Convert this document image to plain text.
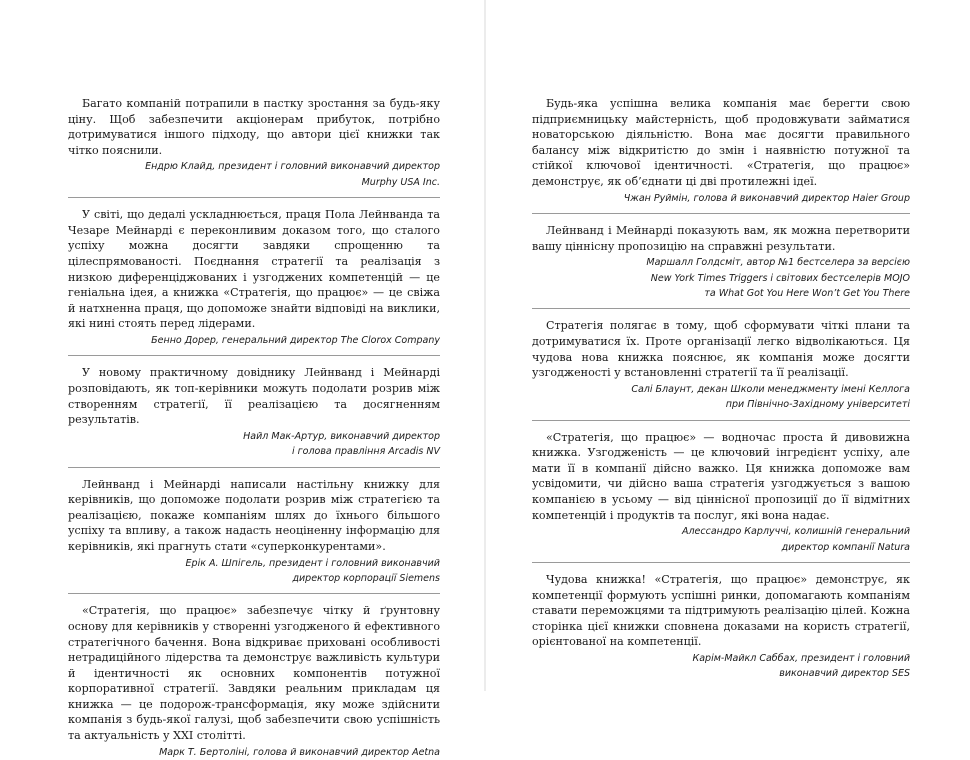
Багато компаній потрапили в пастку зростання за будь-яку ціну. Щоб забезпечити акціонерам прибуток, потрібно дотримуватися іншого підходу, що автори цієї книжки так чітко пояснили.

Ендрю Клайд, президент і головний виконавчий директор
Murphy USA Inc.

У світі, що дедалі ускладнюється, праця Пола Лейнванда та Чезаре Мейнарді є переконливим доказом того, що сталого успіху можна досягти завдяки спрощенню та цілеспрямованості. Поєднання стратегії та реалізація з низкою диференціджованих і узгоджених компетенцій — це геніальна ідея, а книжка «Стратегія, що працює» — це свіжа й натхненна праця, що допоможе знайти відповіді на виклики, які нині стоять перед лідерами.

Бенно Дорер, генеральний директор The Clorox Company

У новому практичному довіднику Лейнванд і Мейнарді розповідають, як топ-керівники можуть подолати розрив між створенням стратегії, її реалізацією та досягненням результатів.

Найл Мак-Артур, виконавчий директор
і голова правління Arcadis NV

Лейнванд і Мейнарді написали настільну книжку для керівників, що допоможе подолати розрив між стратегією та реалізацією, покаже компаніям шлях до їхнього більшого успіху та впливу, а також надасть неоціненну інформацію для керівників, які прагнуть стати «суперконкурентами».

Ерік А. Шпігель, президент і головний виконавчий
директор корпорації Siemens

«Стратегія, що працює» забезпечує чітку й ґрунтовну основу для керівників у створенні узгодженого й ефективного стратегічного бачення. Вона відкриває приховані особливості нетрадиційного лідерства та демонструє важливість культури й ідентичності як основних компонентів потужної корпоративної стратегії. Завдяки реальним прикладам ця книжка — це подорож-трансформація, яку може здійснити компанія з будь-якої галузі, щоб забезпечити свою успішність та актуальність у XXI столітті.

Марк Т. Бертоліні, голова й виконавчий директор Aetna

Будь-яка успішна велика компанія має берегти свою підприємницьку майстерність, щоб продовжувати займатися новаторською діяльністю. Вона має досягти правильного балансу між відкритістю до змін і наявністю потужної та стійкої ключової ідентичності. «Стратегія, що працює» демонструє, як об’єднати ці дві протилежні ідеї.

Чжан Руймін, голова й виконавчий директор Haier Group

Лейнванд і Мейнарді показують вам, як можна перетворити вашу ціннісну пропозицію на справжні результати.

Маршалл Голдсміт, автор №1 бестселера за версією
New York Times Triggers і світових бестселерів MOJO
та What Got You Here Won’t Get You There

Стратегія полягає в тому, щоб сформувати чіткі плани та дотримуватися їх. Проте організації легко відволікаються. Ця чудова нова книжка пояснює, як компанія може досягти узгодженості у встановленні стратегії та її реалізації.

Салі Блаунт, декан Школи менеджменту імені Келлога
при Північно-Західному університеті

«Стратегія, що працює» — водночас проста й дивовижна книжка. Узгодженість — це ключовий інгредієнт успіху, але мати її в компанії дійсно важко. Ця книжка допоможе вам усвідомити, чи дійсно ваша стратегія узгоджується з вашою компанією в усьому — від ціннісної пропозиції до її відмітних компетенцій і продуктів та послуг, які вона надає.

Алессандро Карлуччі, колишній генеральний
директор компанії Natura

Чудова книжка! «Стратегія, що працює» демонструє, як компетенції формують успішні ринки, допомагають компаніям ставати переможцями та підтримують реалізацію цілей. Кожна сторінка цієї книжки сповнена доказами на користь стратегії, орієнтованої на компетенції.

Карім-Майкл Саббах, президент і головний
виконавчий директор SES
